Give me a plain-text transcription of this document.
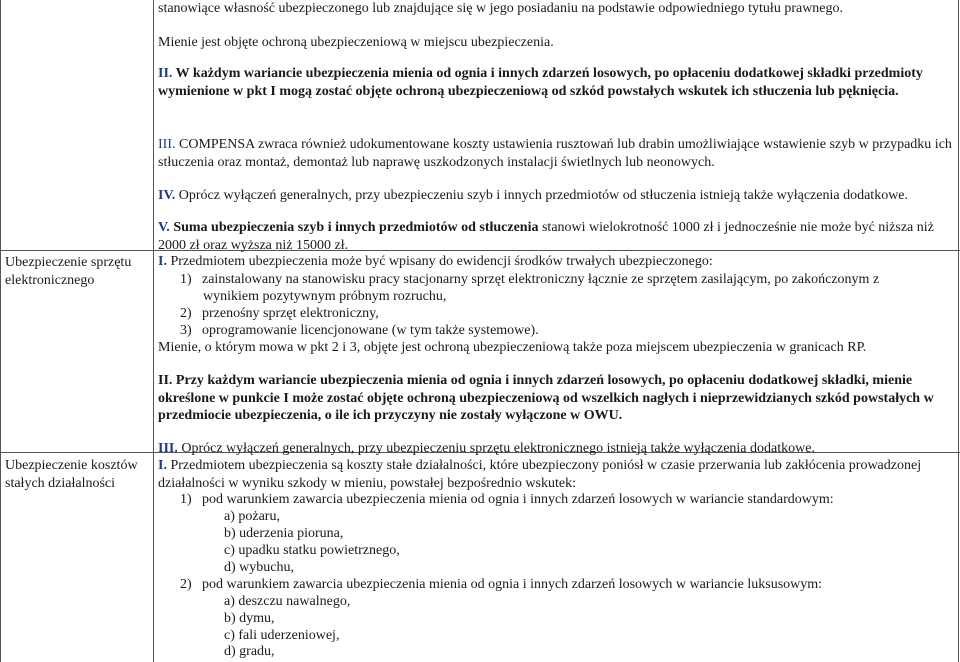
stanowiące własność ubezpieczonego lub znajdujące się w jego posiadaniu na podstawie odpowiedniego tytułu prawnego.
Mienie jest objęte ochroną ubezpieczeniową w miejscu ubezpieczenia.
II. W każdym wariancie ubezpieczenia mienia od ognia i innych zdarzeń losowych, po opłaceniu dodatkowej składki przedmioty wymienione w pkt I mogą zostać objęte ochroną ubezpieczeniową od szkód powstałych wskutek ich stłuczenia lub pęknięcia.
III. COMPENSA zwraca również udokumentowane koszty ustawienia rusztowań lub drabin umożliwiające wstawienie szyb w przypadku ich stłuczenia oraz montaż, demontaż lub naprawę uszkodzonych instalacji świetlnych lub neonowych.
IV. Oprócz wyłączeń generalnych, przy ubezpieczeniu szyb i innych przedmiotów od stłuczenia istnieją także wyłączenia dodatkowe.
V. Suma ubezpieczenia szyb i innych przedmiotów od stłuczenia stanowi wielokrotność 1000 zł i jednocześnie nie może być niższa niż 2000 zł oraz wyższa niż 15000 zł.
Ubezpieczenie sprzętu elektronicznego
I. Przedmiotem ubezpieczenia może być wpisany do ewidencji środków trwałych ubezpieczonego:
1) zainstalowany na stanowisku pracy stacjonarny sprzęt elektroniczny łącznie ze sprzętem zasilającym, po zakończonym z
wynikiem pozytywnym próbnym rozruchu,
2) przenośny sprzęt elektroniczny,
3) oprogramowanie licencjonowane (w tym także systemowe).
Mienie, o którym mowa w pkt 2 i 3, objęte jest ochroną ubezpieczeniową także poza miejscem ubezpieczenia w granicach RP.
II. Przy każdym wariancie ubezpieczenia mienia od ognia i innych zdarzeń losowych, po opłaceniu dodatkowej składki, mienie określone w punkcie I może zostać objęte ochroną ubezpieczeniową od wszelkich nagłych i nieprzewidzianych szkód powstałych w przedmiocie ubezpieczenia, o ile ich przyczyny nie zostały wyłączone w OWU.
III. Oprócz wyłączeń generalnych, przy ubezpieczeniu sprzętu elektronicznego istnieją także wyłączenia dodatkowe.
Ubezpieczenie kosztów stałych działalności
I. Przedmiotem ubezpieczenia są koszty stałe działalności, które ubezpieczony poniósł w czasie przerwania lub zakłócenia prowadzonej działalności w wyniku szkody w mieniu, powstałej bezpośrednio wskutek:
1) pod warunkiem zawarcia ubezpieczenia mienia od ognia i innych zdarzeń losowych w wariancie standardowym:
a) pożaru,
b) uderzenia pioruna,
c) upadku statku powietrznego,
d) wybuchu,
2) pod warunkiem zawarcia ubezpieczenia mienia od ognia i innych zdarzeń losowych w wariancie luksusowym:
a) deszczu nawalnego,
b) dymu,
c) fali uderzeniowej,
d) gradu,
